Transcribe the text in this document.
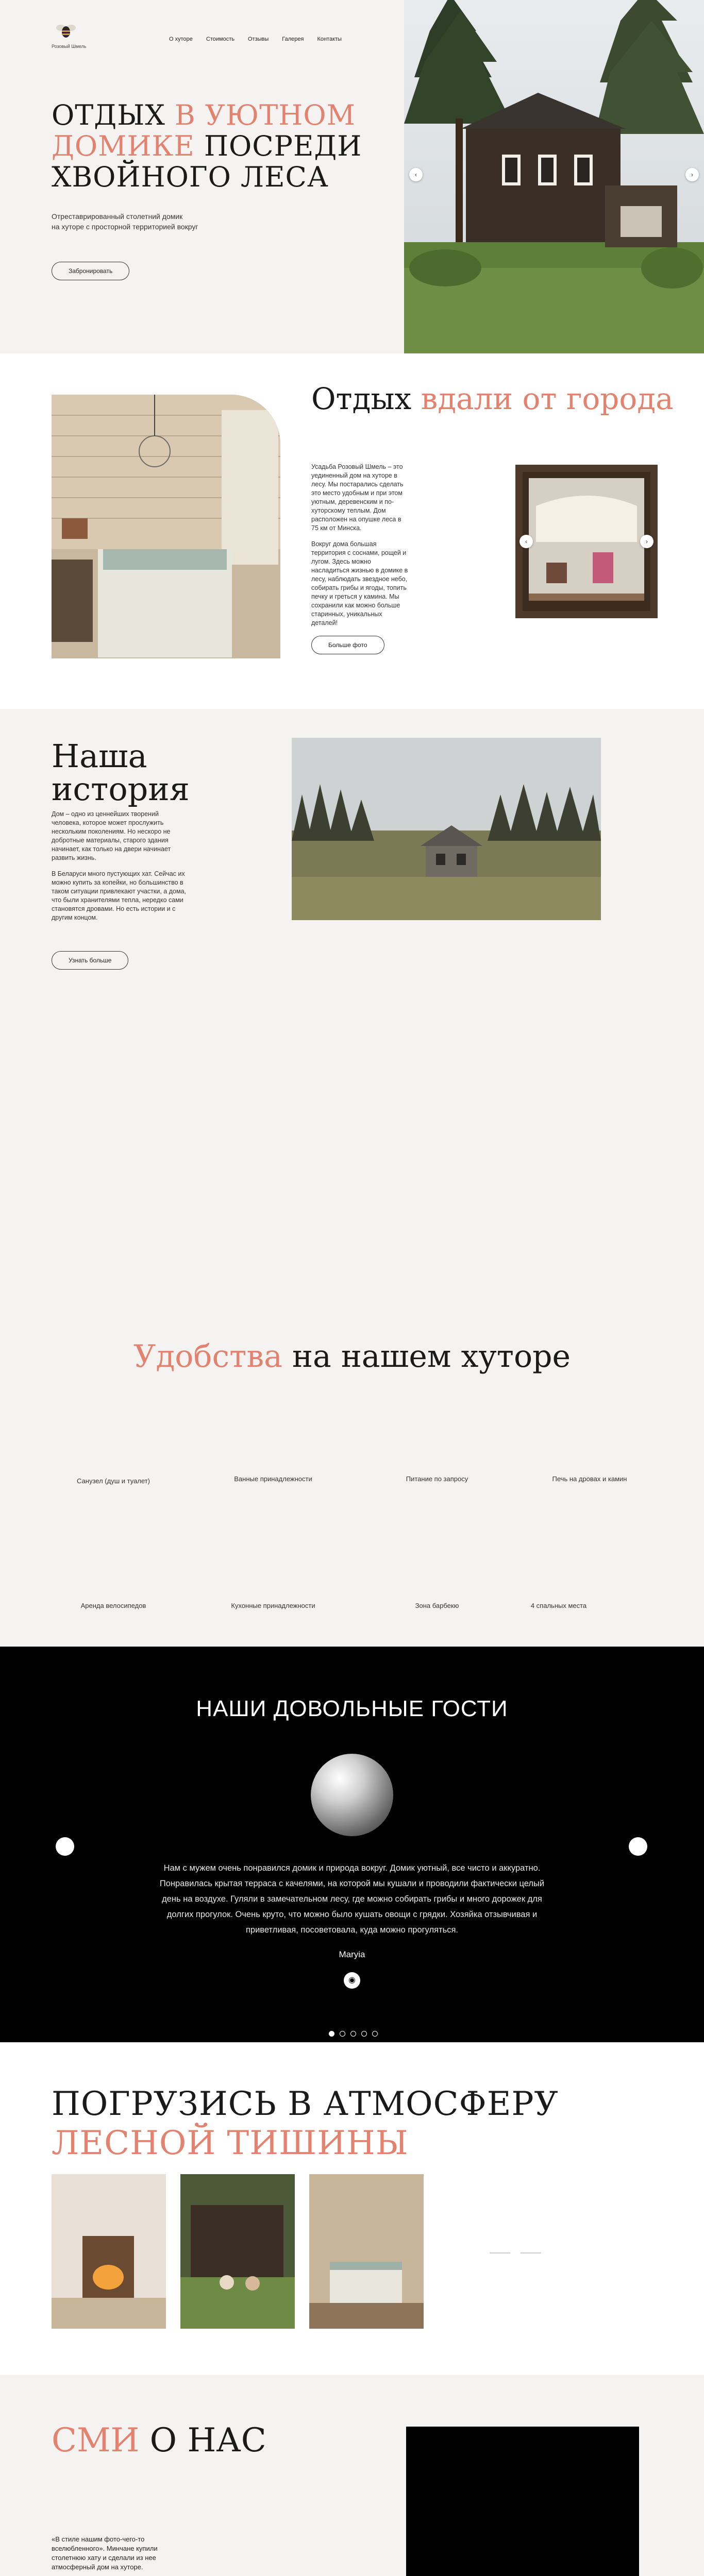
Розовый Шмель
О хуторе Стоимость Отзывы Галерея Контакты
ОТДЫХ В УЮТНОМ ДОМИКЕ ПОСРЕДИ ХВОЙНОГО ЛЕСА
Отреставрированный столетний домик
на хуторе с просторной территорией вокруг
Забронировать
‹	›
Отдых вдали от города

Усадьба Розовый Шмель – это уединенный дом на хуторе в лесу. Мы постарались сделать это место удобным и при этом уютным, деревенским и по-хуторскому теплым. Дом расположен на опушке леса в 75 км от Минска.

Вокруг дома большая территория с соснами, рощей и лугом. Здесь можно насладиться жизнью в домике в лесу, наблюдать звездное небо, собирать грибы и ягоды, топить печку и греться у камина. Мы сохранили как можно больше старинных, уникальных деталей!

Больше фото
‹	›
Наша история

Дом – одно из ценнейших творений человека, которое может прослужить нескольким поколениям. Но нескоро не добротные материалы, старого здания начинает, как только на двери начинает развить жизнь.

В Беларуси много пустующих хат. Сейчас их можно купить за копейки, но большинство в таком ситуации привлекают участки, а дома, что были хранителями тепла, нередко сами становятся дровами. Но есть истории и с другим концом.

Узнать больше
Удобства на нашем хуторе
Санузел (душ и туалет)	Ванные принадлежности	Питание по запросу	Печь на дровах и камин
Аренда велосипедов	Кухонные принадлежности	Зона барбекю	4 спальных места
НАШИ ДОВОЛЬНЫЕ ГОСТИ

Нам с мужем очень понравился домик и природа вокруг. Домик уютный, все чисто и аккуратно. Понравилась крытая терраса с качелями, на которой мы кушали и проводили фактически целый день на воздухе. Гуляли в замечательном лесу, где можно собирать грибы и много дорожек для долгих прогулок. Очень круто, что можно было кушать овощи с грядки. Хозяйка отзывчивая и приветливая, посоветовала, куда можно прогуляться.

Maryia
◉
ПОГРУЗИСЬ В АТМОСФЕРУ
ЛЕСНОЙ ТИШИНЫ
СМИ О НАС

«В стиле нашим фото-чего-то вселюбленного». Минчане купили столетнюю хату и сделали из нее атмосферный дом на хуторе.
